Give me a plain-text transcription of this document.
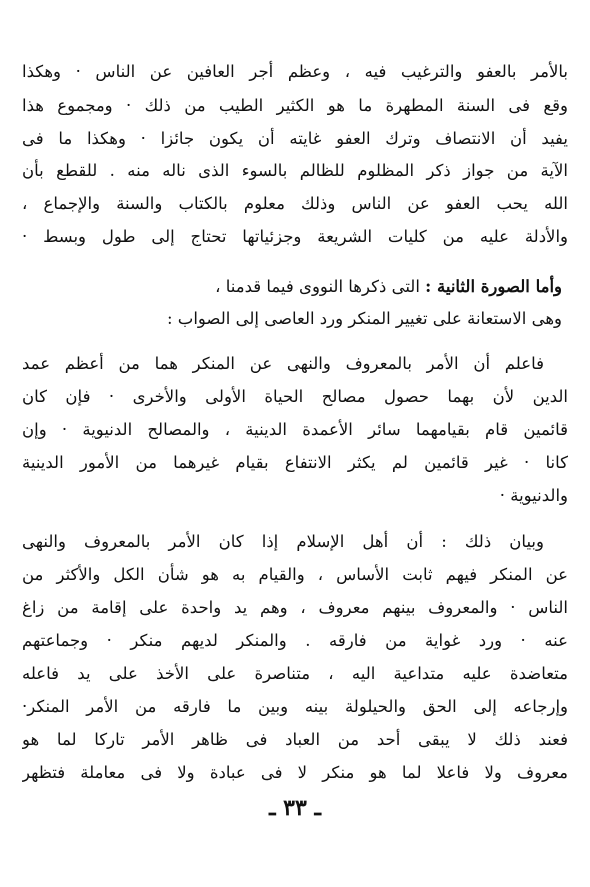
بالأمر بالعفو والترغيب فيه ، وعظم أجر العافين عن الناس · وهكذا
وقع فى السنة المطهرة ما هو الكثير الطيب من ذلك · ومجموع هذا
يفيد أن الانتصاف وترك العفو غايته أن يكون جائزا · وهكذا ما فى
الآية من جواز ذكر المظلوم للظالم بالسوء الذى ناله منه . للقطع بأن
الله يحب العفو عن الناس وذلك معلوم بالكتاب والسنة والإجماع ،
والأدلة عليه من كليات الشريعة وجزئياتها تحتاج إلى طول وبسط ·
وأما الصورة الثانية : التى ذكرها النووى فيما قدمنا ،
وهى الاستعانة على تغيير المنكر ورد العاصى إلى الصواب :
فاعلم أن الأمر بالمعروف والنهى عن المنكر هما من أعظم عمد
الدين لأن بهما حصول مصالح الحياة الأولى والأخرى · فإن كان
قائمين قام بقيامهما سائر الأعمدة الدينية ، والمصالح الدنيوية · وإن
كانا · غير قائمين لم يكثر الانتفاع بقيام غيرهما من الأمور الدينية
والدنيوية ·
وبيان ذلك : أن أهل الإسلام إذا كان الأمر بالمعروف والنهى
عن المنكر فيهم ثابت الأساس ، والقيام به هو شأن الكل والأكثر من
الناس · والمعروف بينهم معروف ، وهم يد واحدة على إقامة من زاغ
عنه · ورد غواية من فارقه . والمنكر لديهم منكر · وجماعتهم
متعاضدة عليه متداعية اليه ، متناصرة على الأخذ على يد فاعله
وإرجاعه إلى الحق والحيلولة بينه وبين ما فارقه من الأمر المنكر·
فعند ذلك لا يبقى أحد من العباد فى ظاهر الأمر تاركا لما هو
معروف ولا فاعلا لما هو منكر لا فى عبادة ولا فى معاملة فتظهر
ـ ٣٣ ـ
